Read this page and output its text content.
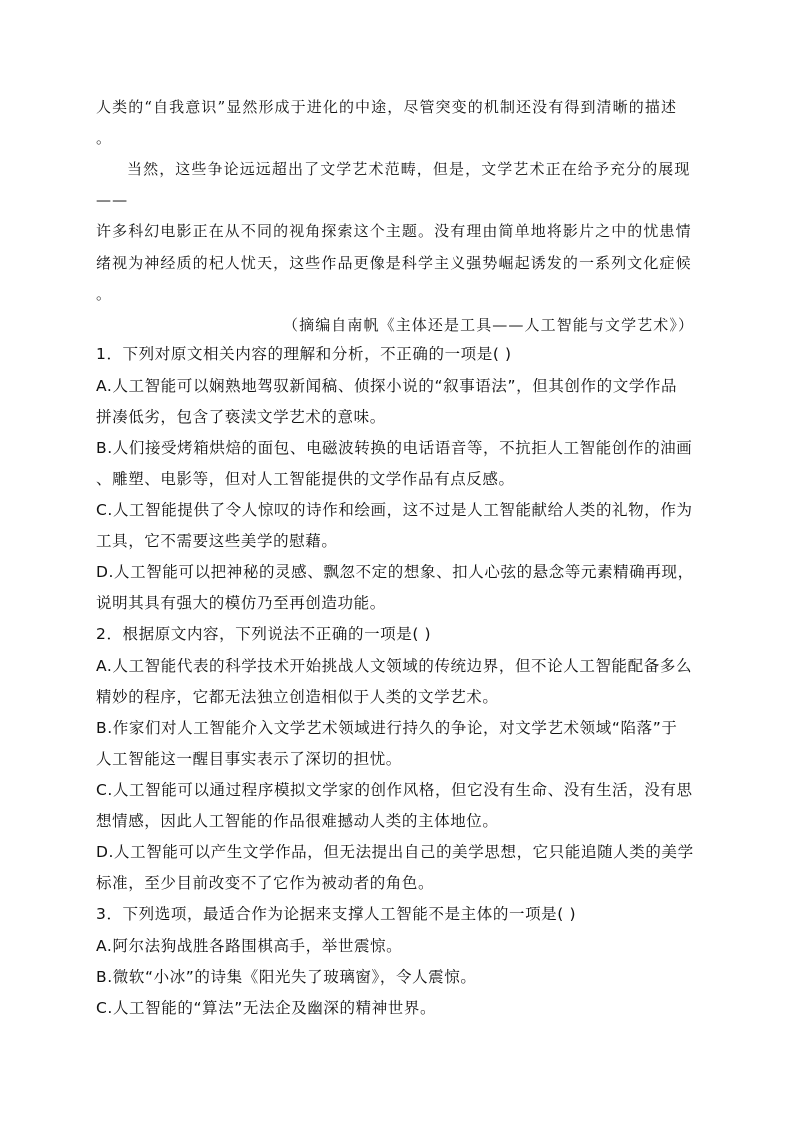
人类的“自我意识”显然形成于进化的中途，尽管突变的机制还没有得到清晰的描述
。
当然，这些争论远远超出了文学艺术范畴，但是，文学艺术正在给予充分的展现
——
许多科幻电影正在从不同的视角探索这个主题。没有理由简单地将影片之中的忧患情
绪视为神经质的杞人忧天，这些作品更像是科学主义强势崛起诱发的一系列文化症候
。
（摘编自南帆《主体还是工具——人工智能与文学艺术》）
1．下列对原文相关内容的理解和分析，不正确的一项是( )
A.人工智能可以娴熟地驾驭新闻稿、侦探小说的“叙事语法”，但其创作的文学作品
拼凑低劣，包含了亵渎文学艺术的意味。
B.人们接受烤箱烘焙的面包、电磁波转换的电话语音等，不抗拒人工智能创作的油画
、雕塑、电影等，但对人工智能提供的文学作品有点反感。
C.人工智能提供了令人惊叹的诗作和绘画，这不过是人工智能献给人类的礼物，作为
工具，它不需要这些美学的慰藉。
D.人工智能可以把神秘的灵感、飘忽不定的想象、扣人心弦的悬念等元素精确再现，
说明其具有强大的模仿乃至再创造功能。
2．根据原文内容，下列说法不正确的一项是( )
A.人工智能代表的科学技术开始挑战人文领域的传统边界，但不论人工智能配备多么
精妙的程序，它都无法独立创造相似于人类的文学艺术。
B.作家们对人工智能介入文学艺术领域进行持久的争论，对文学艺术领域“陷落”于
人工智能这一醒目事实表示了深切的担忧。
C.人工智能可以通过程序模拟文学家的创作风格，但它没有生命、没有生活，没有思
想情感，因此人工智能的作品很难撼动人类的主体地位。
D.人工智能可以产生文学作品，但无法提出自己的美学思想，它只能追随人类的美学
标准，至少目前改变不了它作为被动者的角色。
3．下列选项，最适合作为论据来支撑人工智能不是主体的一项是( )
A.阿尔法狗战胜各路围棋高手，举世震惊。
B.微软“小冰”的诗集《阳光失了玻璃窗》，令人震惊。
C.人工智能的“算法”无法企及幽深的精神世界。
